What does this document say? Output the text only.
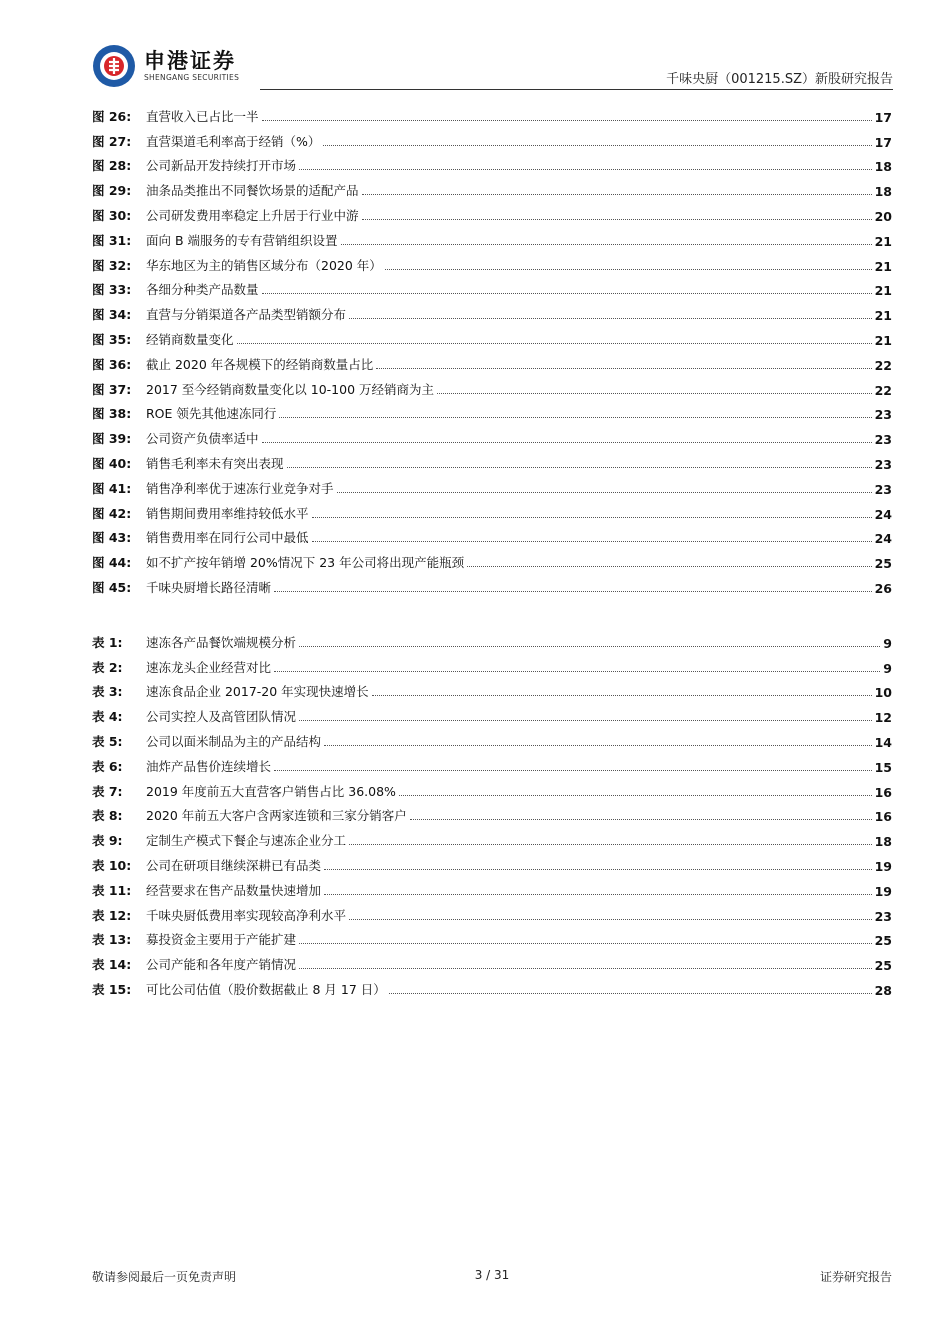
申港证券
SHENGANG SECURITIES	千味央厨（001215.SZ）新股研究报告
图 26:	直营收入已占比一半	17
图 27:	直营渠道毛利率高于经销（%）	17
图 28:	公司新品开发持续打开市场	18
图 29:	油条品类推出不同餐饮场景的适配产品	18
图 30:	公司研发费用率稳定上升居于行业中游	20
图 31:	面向 B 端服务的专有营销组织设置	21
图 32:	华东地区为主的销售区域分布（2020 年）	21
图 33:	各细分种类产品数量	21
图 34:	直营与分销渠道各产品类型销额分布	21
图 35:	经销商数量变化	21
图 36:	截止 2020 年各规模下的经销商数量占比	22
图 37:	2017 至今经销商数量变化以 10-100 万经销商为主	22
图 38:	ROE 领先其他速冻同行	23
图 39:	公司资产负债率适中	23
图 40:	销售毛利率未有突出表现	23
图 41:	销售净利率优于速冻行业竞争对手	23
图 42:	销售期间费用率维持较低水平	24
图 43:	销售费用率在同行公司中最低	24
图 44:	如不扩产按年销增 20%情况下 23 年公司将出现产能瓶颈	25
图 45:	千味央厨增长路径清晰	26
表 1:	速冻各产品餐饮端规模分析	9
表 2:	速冻龙头企业经营对比	9
表 3:	速冻食品企业 2017-20 年实现快速增长	10
表 4:	公司实控人及高管团队情况	12
表 5:	公司以面米制品为主的产品结构	14
表 6:	油炸产品售价连续增长	15
表 7:	2019 年度前五大直营客户销售占比 36.08%	16
表 8:	2020 年前五大客户含两家连锁和三家分销客户	16
表 9:	定制生产模式下餐企与速冻企业分工	18
表 10:	公司在研项目继续深耕已有品类	19
表 11:	经营要求在售产品数量快速增加	19
表 12:	千味央厨低费用率实现较高净利水平	23
表 13:	募投资金主要用于产能扩建	25
表 14:	公司产能和各年度产销情况	25
表 15:	可比公司估值（股价数据截止 8 月 17 日）	28
敬请参阅最后一页免责声明	3 / 31	证券研究报告
